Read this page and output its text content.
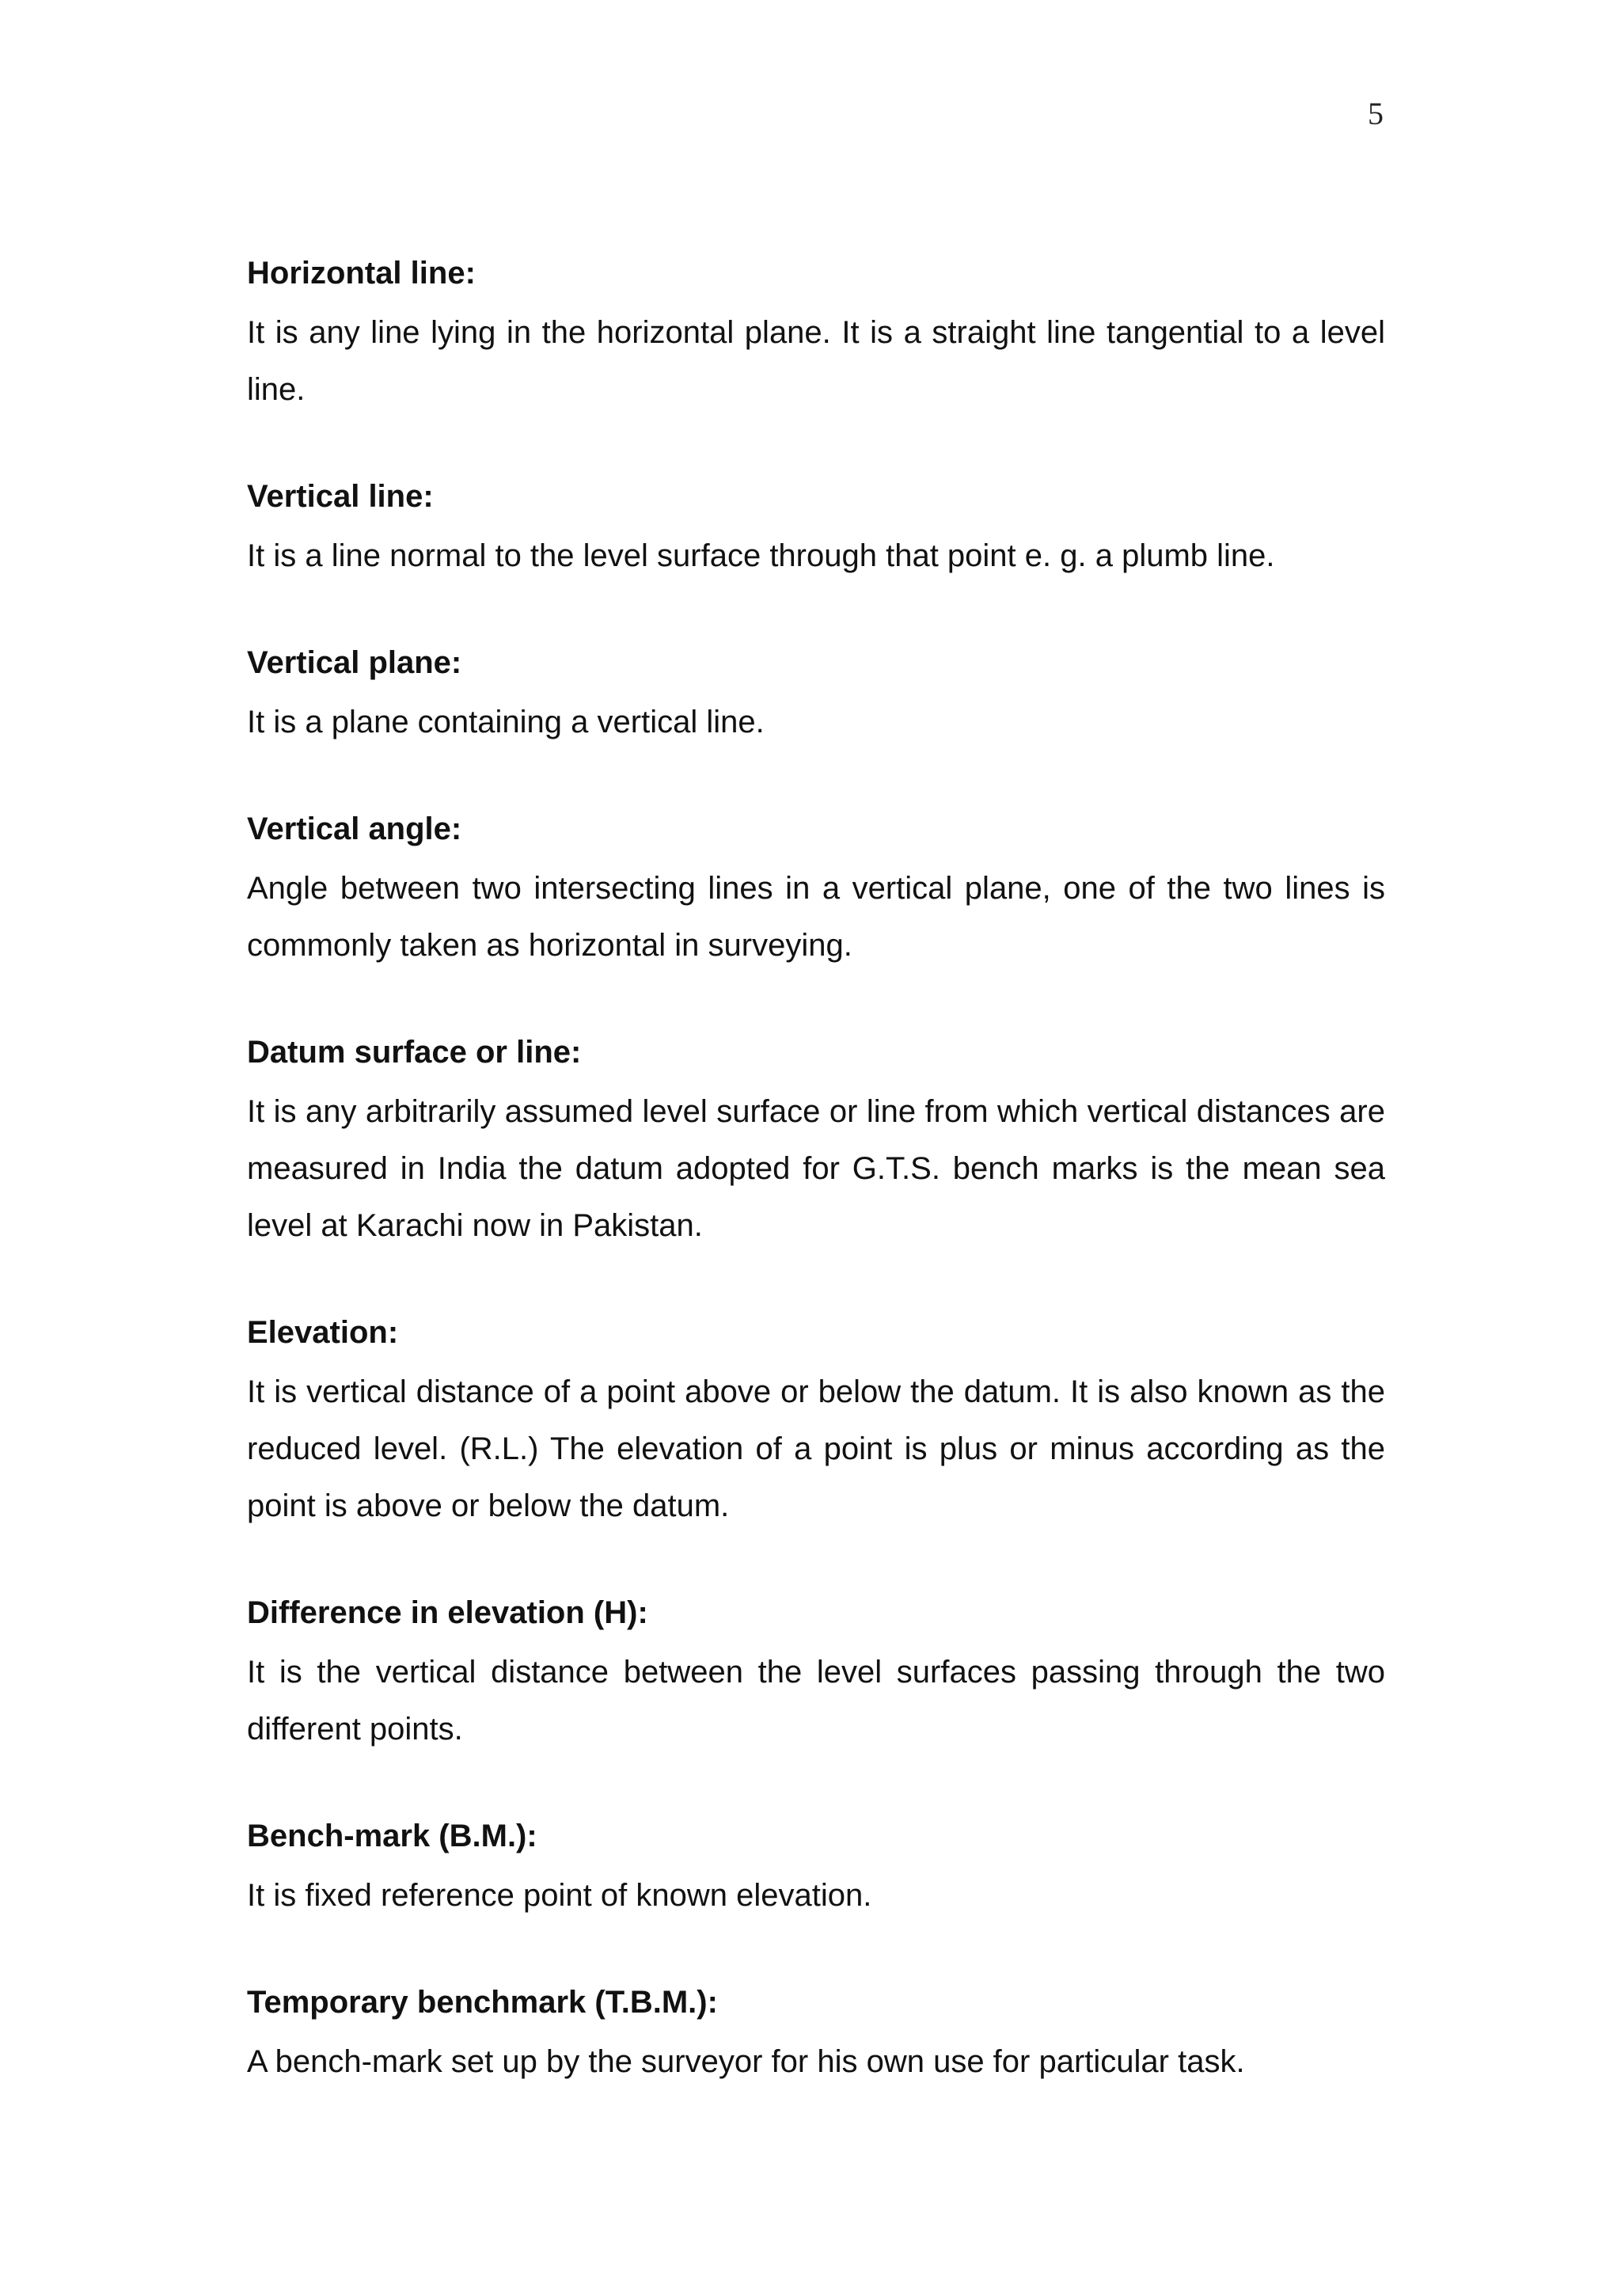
5
Horizontal line:

It is any line lying in the horizontal plane. It is a straight line tangential to a level line.

Vertical line:

It is a line normal to the level surface through that point e. g. a plumb line.

Vertical plane:

It is a plane containing a vertical line.

Vertical angle:

Angle between two intersecting lines in a vertical plane, one of the two lines is commonly taken as horizontal in surveying.

Datum surface or line:

It is any arbitrarily assumed level surface or line from which vertical distances are measured in India the datum adopted for G.T.S. bench marks is the mean sea level at Karachi now in Pakistan.

Elevation:

It is vertical distance of a point above or below the datum. It is also known as the reduced level. (R.L.) The elevation of a point is plus or minus according as the point is above or below the datum.

Difference in elevation (H):

It is the vertical distance between the level surfaces passing through the two different points.

Bench-mark (B.M.):

It is fixed reference point of known elevation.

Temporary benchmark (T.B.M.):

A bench-mark set up by the surveyor for his own use for particular task.
